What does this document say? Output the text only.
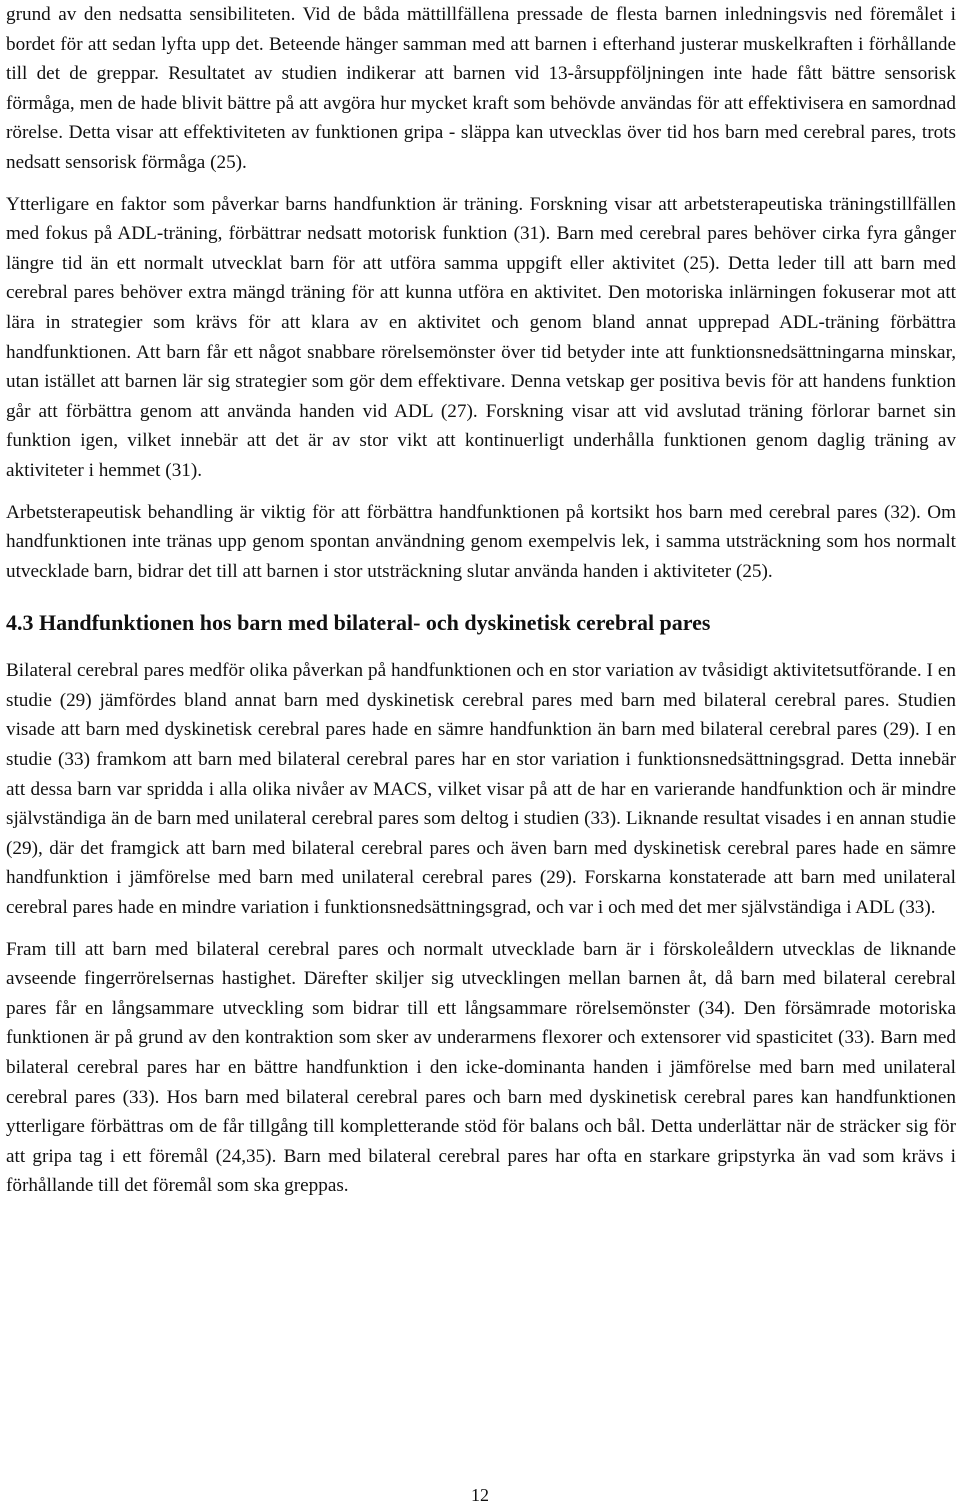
grund av den nedsatta sensibiliteten. Vid de båda mättillfällena pressade de flesta barnen inledningsvis ned föremålet i bordet för att sedan lyfta upp det. Beteende hänger samman med att barnen i efterhand justerar muskelkraften i förhållande till det de greppar. Resultatet av studien indikerar att barnen vid 13-årsuppföljningen inte hade fått bättre sensorisk förmåga, men de hade blivit bättre på att avgöra hur mycket kraft som behövde användas för att effektivisera en samordnad rörelse. Detta visar att effektiviteten av funktionen gripa - släppa kan utvecklas över tid hos barn med cerebral pares, trots nedsatt sensorisk förmåga (25).

Ytterligare en faktor som påverkar barns handfunktion är träning. Forskning visar att arbetsterapeutiska träningstillfällen med fokus på ADL-träning, förbättrar nedsatt motorisk funktion (31). Barn med cerebral pares behöver cirka fyra gånger längre tid än ett normalt utvecklat barn för att utföra samma uppgift eller aktivitet (25). Detta leder till att barn med cerebral pares behöver extra mängd träning för att kunna utföra en aktivitet. Den motoriska inlärningen fokuserar mot att lära in strategier som krävs för att klara av en aktivitet och genom bland annat upprepad ADL-träning förbättra handfunktionen. Att barn får ett något snabbare rörelsemönster över tid betyder inte att funktionsnedsättningarna minskar, utan istället att barnen lär sig strategier som gör dem effektivare. Denna vetskap ger positiva bevis för att handens funktion går att förbättra genom att använda handen vid ADL (27). Forskning visar att vid avslutad träning förlorar barnet sin funktion igen, vilket innebär att det är av stor vikt att kontinuerligt underhålla funktionen genom daglig träning av aktiviteter i hemmet (31).

Arbetsterapeutisk behandling är viktig för att förbättra handfunktionen på kortsikt hos barn med cerebral pares (32). Om handfunktionen inte tränas upp genom spontan användning genom exempelvis lek, i samma utsträckning som hos normalt utvecklade barn, bidrar det till att barnen i stor utsträckning slutar använda handen i aktiviteter (25).

4.3 Handfunktionen hos barn med bilateral- och dyskinetisk cerebral pares

Bilateral cerebral pares medför olika påverkan på handfunktionen och en stor variation av tvåsidigt aktivitetsutförande. I en studie (29) jämfördes bland annat barn med dyskinetisk cerebral pares med barn med bilateral cerebral pares. Studien visade att barn med dyskinetisk cerebral pares hade en sämre handfunktion än barn med bilateral cerebral pares (29). I en studie (33) framkom att barn med bilateral cerebral pares har en stor variation i funktionsnedsättningsgrad. Detta innebär att dessa barn var spridda i alla olika nivåer av MACS, vilket visar på att de har en varierande handfunktion och är mindre självständiga än de barn med unilateral cerebral pares som deltog i studien (33). Liknande resultat visades i en annan studie (29), där det framgick att barn med bilateral cerebral pares och även barn med dyskinetisk cerebral pares hade en sämre handfunktion i jämförelse med barn med unilateral cerebral pares (29). Forskarna konstaterade att barn med unilateral cerebral pares hade en mindre variation i funktionsnedsättningsgrad, och var i och med det mer självständiga i ADL (33).

Fram till att barn med bilateral cerebral pares och normalt utvecklade barn är i förskoleåldern utvecklas de liknande avseende fingerrörelsernas hastighet. Därefter skiljer sig utvecklingen mellan barnen åt, då barn med bilateral cerebral pares får en långsammare utveckling som bidrar till ett långsammare rörelsemönster (34). Den försämrade motoriska funktionen är på grund av den kontraktion som sker av underarmens flexorer och extensorer vid spasticitet (33). Barn med bilateral cerebral pares har en bättre handfunktion i den icke-dominanta handen i jämförelse med barn med unilateral cerebral pares (33). Hos barn med bilateral cerebral pares och barn med dyskinetisk cerebral pares kan handfunktionen ytterligare förbättras om de får tillgång till kompletterande stöd för balans och bål. Detta underlättar när de sträcker sig för att gripa tag i ett föremål (24,35). Barn med bilateral cerebral pares har ofta en starkare gripstyrka än vad som krävs i förhållande till det föremål som ska greppas.

12
